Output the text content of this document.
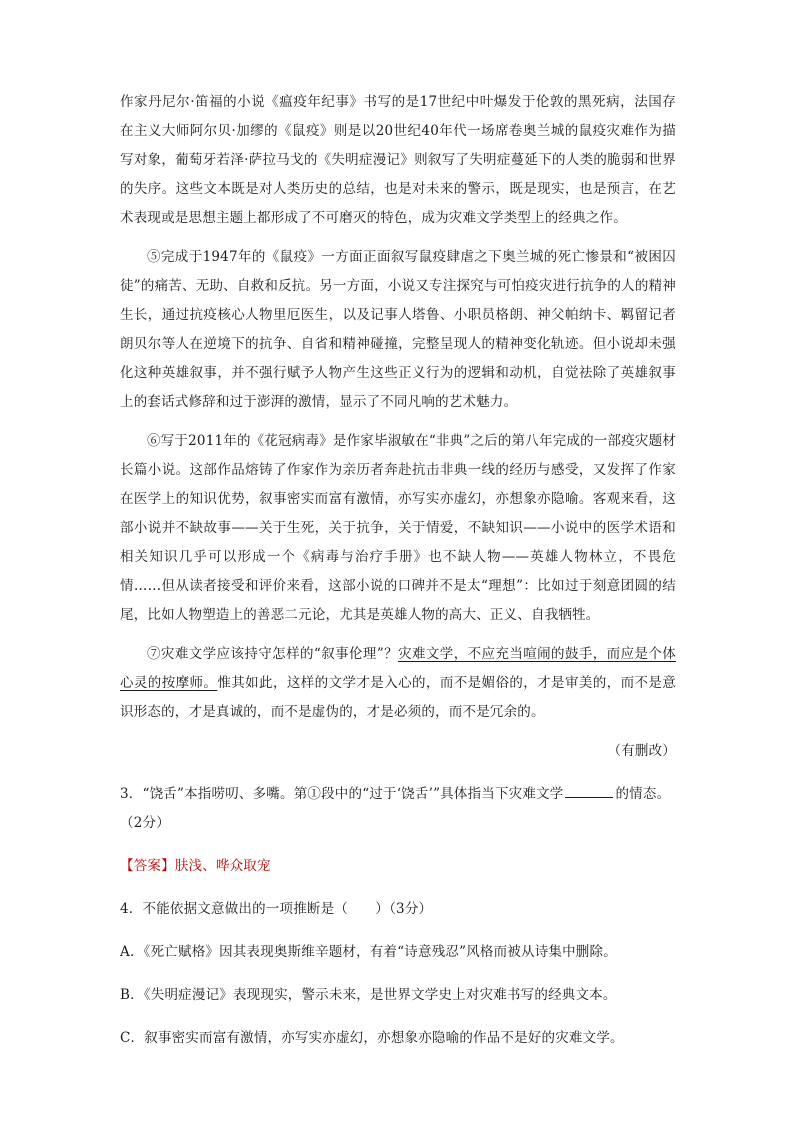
作家丹尼尔·笛福的小说《瘟疫年纪事》书写的是17世纪中叶爆发于伦敦的黑死病，法国存在主义大师阿尔贝·加缪的《鼠疫》则是以20世纪40年代一场席卷奥兰城的鼠疫灾难作为描写对象，葡萄牙若泽·萨拉马戈的《失明症漫记》则叙写了失明症蔓延下的人类的脆弱和世界的失序。这些文本既是对人类历史的总结，也是对未来的警示，既是现实，也是预言，在艺术表现或是思想主题上都形成了不可磨灭的特色，成为灾难文学类型上的经典之作。

⑤完成于1947年的《鼠疫》一方面正面叙写鼠疫肆虐之下奥兰城的死亡惨景和“被困囚徒”的痛苦、无助、自救和反抗。另一方面，小说又专注探究与可怕疫灾进行抗争的人的精神生长，通过抗疫核心人物里厄医生，以及记事人塔鲁、小职员格朗、神父帕纳卡、羁留记者朗贝尔等人在逆境下的抗争、自省和精神碰撞，完整呈现人的精神变化轨迹。但小说却未强化这种英雄叙事，并不强行赋予人物产生这些正义行为的逻辑和动机，自觉祛除了英雄叙事上的套话式修辞和过于澎湃的激情，显示了不同凡响的艺术魅力。

⑥写于2011年的《花冠病毒》是作家毕淑敏在“非典”之后的第八年完成的一部疫灾题材长篇小说。这部作品熔铸了作家作为亲历者奔赴抗击非典一线的经历与感受，又发挥了作家在医学上的知识优势，叙事密实而富有激情，亦写实亦虚幻，亦想象亦隐喻。客观来看，这部小说并不缺故事——关于生死，关于抗争，关于情爱，不缺知识——小说中的医学术语和相关知识几乎可以形成一个《病毒与治疗手册》也不缺人物——英雄人物林立，不畏危情……但从读者接受和评价来看，这部小说的口碑并不是太“理想”：比如过于刻意团圆的结尾，比如人物塑造上的善恶二元论，尤其是英雄人物的高大、正义、自我牺牲。

⑦灾难文学应该持守怎样的“叙事伦理”？灾难文学，不应充当喧闹的鼓手，而应是个体心灵的按摩师。惟其如此，这样的文学才是入心的，而不是媚俗的，才是审美的，而不是意识形态的，才是真诚的，而不是虚伪的，才是必须的，而不是冗余的。

（有删改）

3．“饶舌”本指唠叨、多嘴。第①段中的“过于‘饶舌’”具体指当下灾难文学	的情态。（2分）

【答案】肤浅、哗众取宠

4．不能依据文意做出的一项推断是（　　）（3分）

A．《死亡赋格》因其表现奥斯维辛题材，有着“诗意残忍”风格而被从诗集中删除。

B．《失明症漫记》表现现实，警示未来，是世界文学史上对灾难书写的经典文本。

C．叙事密实而富有激情，亦写实亦虚幻，亦想象亦隐喻的作品不是好的灾难文学。
